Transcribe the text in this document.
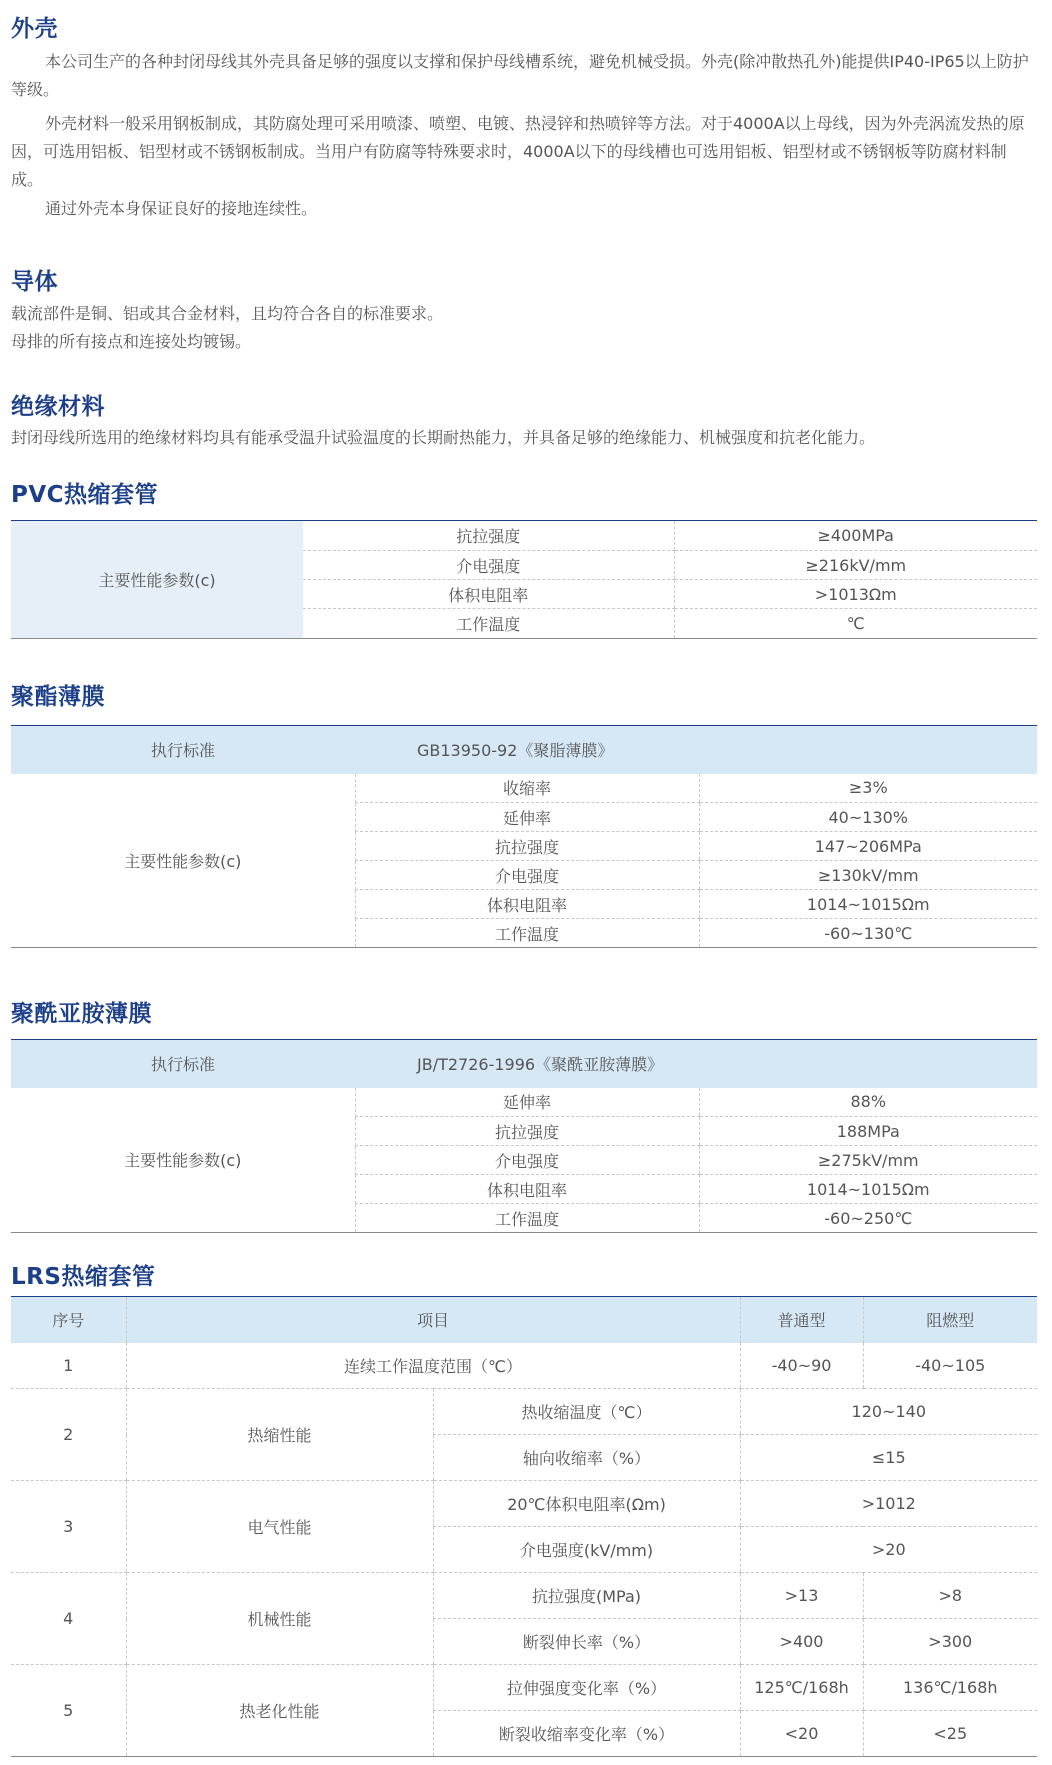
外壳

本公司生产的各种封闭母线其外壳具备足够的强度以支撑和保护母线槽系统，避免机械受损。外壳(除冲散热孔外)能提供IP40-IP65以上防护等级。

外壳材料一般采用钢板制成，其防腐处理可采用喷漆、喷塑、电镀、热浸锌和热喷锌等方法。对于4000A以上母线，因为外壳涡流发热的原因，可选用铝板、铝型材或不锈钢板制成。当用户有防腐等特殊要求时，4000A以下的母线槽也可选用铝板、铝型材或不锈钢板等防腐材料制成。

通过外壳本身保证良好的接地连续性。

导体

载流部件是铜、铝或其合金材料，且均符合各自的标准要求。

母排的所有接点和连接处均镀锡。

绝缘材料

封闭母线所选用的绝缘材料均具有能承受温升试验温度的长期耐热能力，并具备足够的绝缘能力、机械强度和抗老化能力。

PVC热缩套管
主要性能参数(c)	抗拉强度	≥400MPa
	介电强度	≥216kV/mm
	体积电阻率	>1013Ωm
	工作温度	℃
聚酯薄膜
执行标准	GB13950-92《聚脂薄膜》	
主要性能参数(c)	收缩率	≥3%
	延伸率	40~130%
	抗拉强度	147~206MPa
	介电强度	≥130kV/mm
	体积电阻率	1014~1015Ωm
	工作温度	-60~130℃
聚酰亚胺薄膜
执行标准	JB/T2726-1996《聚酰亚胺薄膜》	
主要性能参数(c)	延伸率	88%
	抗拉强度	188MPa
	介电强度	≥275kV/mm
	体积电阻率	1014~1015Ωm
	工作温度	-60~250℃
LRS热缩套管
序号	项目		普通型	阻燃型
1	连续工作温度范围（℃）		-40~90	-40~105
2	热缩性能	热收缩温度（℃）	120~140	
		轴向收缩率（%）	≤15	
3	电气性能	20℃体积电阻率(Ωm)	>1012	
		介电强度(kV/mm)	>20	
4	机械性能	抗拉强度(MPa)	>13	>8
		断裂伸长率（%）	>400	>300
5	热老化性能	拉伸强度变化率（%）	125℃/168h	136℃/168h
		断裂收缩率变化率（%）	<20	<25
